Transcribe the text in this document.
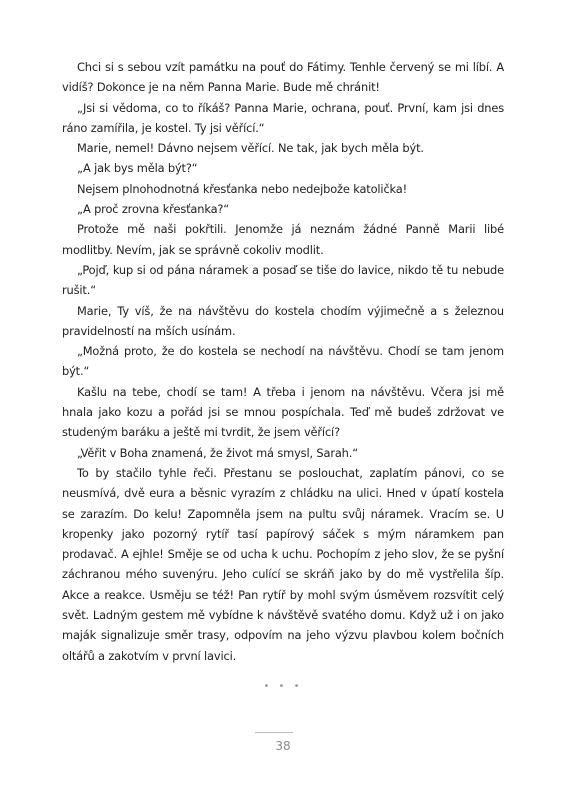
Chci si s sebou vzít památku na pouť do Fátimy. Tenhle červený se mi líbí. A vidíš? Dokonce je na něm Panna Marie. Bude mě chránit!

„Jsi si vědoma, co to říkáš? Panna Marie, ochrana, pouť. První, kam jsi dnes ráno zamířila, je kostel. Ty jsi věřící.“

Marie, nemel! Dávno nejsem věřící. Ne tak, jak bych měla být.

„A jak bys měla být?“

Nejsem plnohodnotná křesťanka nebo nedejbože katolička!

„A proč zrovna křesťanka?“

Protože mě naši pokřtili. Jenomže já neznám žádné Panně Marii libé modlitby. Nevím, jak se správně cokoliv modlit.

„Pojď, kup si od pána náramek a posaď se tiše do lavice, nikdo tě tu nebude rušit.“

Marie, Ty víš, že na návštěvu do kostela chodím výjimečně a s železnou pravidelností na mších usínám.

„Možná proto, že do kostela se nechodí na návštěvu. Chodí se tam jenom být.“

Kašlu na tebe, chodí se tam! A třeba i jenom na návštěvu. Včera jsi mě hnala jako kozu a pořád jsi se mnou pospíchala. Teď mě budeš zdržovat ve studeným baráku a ještě mi tvrdit, že jsem věřící?

„Věřit v Boha znamená, že život má smysl, Sarah.“

To by stačilo tyhle řeči. Přestanu se poslouchat, zaplatím pánovi, co se neusmívá, dvě eura a běsnic vyrazím z chládku na ulici. Hned v úpatí kostela se zarazím. Do kelu! Zapomněla jsem na pultu svůj náramek. Vracím se. U kropenky jako pozorný rytíř tasí papírový sáček s mým náramkem pan prodavač. A ejhle! Směje se od ucha k uchu. Pochopím z jeho slov, že se pyšní záchranou mého suvenýru. Jeho culící se skráň jako by do mě vystřelila šíp. Akce a reakce. Usměju se též! Pan rytíř by mohl svým úsměvem rozsvítit celý svět. Ladným gestem mě vybídne k návštěvě svatého domu. Když už i on jako maják signalizuje směr trasy, odpovím na jeho výzvu plavbou kolem bočních oltářů a zakotvím v první lavici.

• • •
38
